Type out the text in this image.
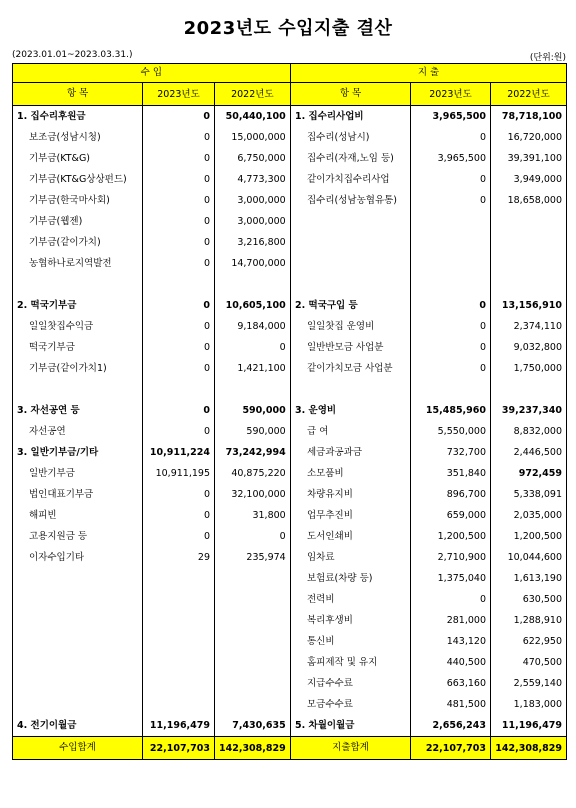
2023년도 수입지출 결산
(2023.01.01~2023.03.31.)	(단위:원)
수 입		
항 목	2023년도	2022년도
1. 집수리후원금	0	50,440,100
보조금(성남시청)	0	15,000,000
기부금(KT&G)	0	6,750,000
기부금(KT&G상상펀드)	0	4,773,300
기부금(한국마사회)	0	3,000,000
기부금(웹젠)	0	3,000,000
기부금(같이가치)	0	3,216,800
농협하나로지역발전	0	14,700,000

2. 떡국기부금	0	10,605,100
일일찻집수익금	0	9,184,000
떡국기부금	0	0
기부금(같이가치1)	0	1,421,100

3. 자선공연 등	0	590,000
자선공연	0	590,000
3. 일반기부금/기타	10,911,224	73,242,994
일반기부금	10,911,195	40,875,220
법인대표기부금	0	32,100,000
해피빈	0	31,800
고용지원금 등	0	0
이자수입기타	29	235,974

4. 전기이월금	11,196,479	7,430,635
수입합계	22,107,703	142,308,829
지 출		
항 목	2023년도	2022년도
1. 집수리사업비	3,965,500	78,718,100
집수리(성남시)	0	16,720,000
집수리(자재,노임 등)	3,965,500	39,391,100
같이가치집수리사업	0	3,949,000
집수리(성남농협유통)	0	18,658,000

2. 떡국구입 등	0	13,156,910
일일찻집 운영비	0	2,374,110
일반반모금 사업분	0	9,032,800
같이가치모금 사업분	0	1,750,000

3. 운영비	15,485,960	39,237,340
급 여	5,550,000	8,832,000
세금과공과금	732,700	2,446,500
소모품비	351,840	972,459
차량유지비	896,700	5,338,091
업무추진비	659,000	2,035,000
도서인쇄비	1,200,500	1,200,500
임차료	2,710,900	10,044,600
보험료(차량 등)	1,375,040	1,613,190
전력비	0	630,500
복리후생비	281,000	1,288,910
통신비	143,120	622,950
홈피제작 및 유지	440,500	470,500
지급수수료	663,160	2,559,140
모금수수료	481,500	1,183,000
5. 차월이월금	2,656,243	11,196,479
지출합계	22,107,703	142,308,829
